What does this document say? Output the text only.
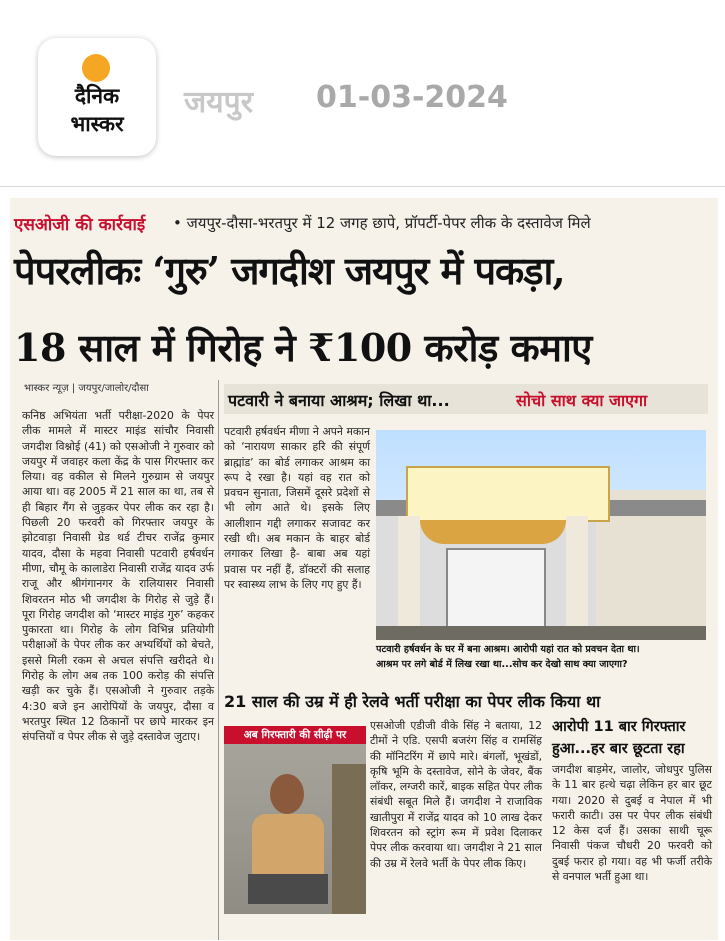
दैनिक
भास्कर
जयपुर 01-03-2024
एसओजी की कार्रवाई • जयपुर-दौसा-भरतपुर में 12 जगह छापे, प्रॉपर्टी-पेपर लीक के दस्तावेज मिले
पेपरलीकः ‘गुरु’ जगदीश जयपुर में पकड़ा,
18 साल में गिरोह ने ₹100 करोड़ कमाए
भास्कर न्यूज़ | जयपुर/जालोर/दौसा
कनिष्ठ अभियंता भर्ती परीक्षा-2020 के पेपर लीक मामले में मास्टर माइंड सांचौर निवासी जगदीश विश्नोई (41) को एसओजी ने गुरुवार को जयपुर में जवाहर कला केंद्र के पास गिरफ्तार कर लिया। वह वकील से मिलने गुरुग्राम से जयपुर आया था। वह 2005 में 21 साल का था, तब से ही बिहार गैंग से जुड़कर पेपर लीक कर रहा है। पिछली 20 फरवरी को गिरफ्तार जयपुर के झोटवाड़ा निवासी ग्रेड थर्ड टीचर राजेंद्र कुमार यादव, दौसा के महवा निवासी पटवारी हर्षवर्धन मीणा, चौमू के कालाडेरा निवासी राजेंद्र यादव उर्फ राजू और श्रीगंगानगर के रालियासर निवासी शिवरतन मोठ भी जगदीश के गिरोह से जुड़े हैं। पूरा गिरोह जगदीश को ‘मास्टर माइंड गुरु’ कहकर पुकारता था। गिरोह के लोग विभिन्न प्रतियोगी परीक्षाओं के पेपर लीक कर अभ्यर्थियों को बेचते, इससे मिली रकम से अचल संपत्ति खरीदते थे। गिरोह के लोग अब तक 100 करोड़ की संपत्ति खड़ी कर चुके हैं। एसओजी ने गुरुवार तड़के 4:30 बजे इन आरोपियों के जयपुर, दौसा व भरतपुर स्थित 12 ठिकानों पर छापे मारकर इन संपत्तियों व पेपर लीक से जुड़े दस्तावेज जुटाए।
पटवारी ने बनाया आश्रम; लिखा था...	सोचो साथ क्या जाएगा
पटवारी हर्षवर्धन मीणा ने अपने मकान को ‘नारायण साकार हरि की संपूर्ण ब्राह्मांड’ का बोर्ड लगाकर आश्रम का रूप दे रखा है। यहां वह रात को प्रवचन सुनाता, जिसमें दूसरे प्रदेशों से भी लोग आते थे। इसके लिए आलीशान गद्दी लगाकर सजावट कर रखी थी। अब मकान के बाहर बोर्ड लगाकर लिखा है- बाबा अब यहां प्रवास पर नहीं हैं, डॉक्टरों की सलाह पर स्वास्थ्य लाभ के लिए गए हुए हैं।
पटवारी हर्षवर्धन के घर में बना आश्रम। आरोपी यहां रात को प्रवचन देता था।
आश्रम पर लगे बोर्ड में लिख रखा था...सोच कर देखो साथ क्या जाएगा?
21 साल की उम्र में ही रेलवे भर्ती परीक्षा का पेपर लीक किया था
अब गिरफ्तारी की सीढ़ी पर
एसओजी एडीजी वीके सिंह ने बताया, 12 टीमों ने एडि. एसपी बजरंग सिंह व रामसिंह की मॉनिटरिंग में छापे मारे। बंगलों, भूखंडों, कृषि भूमि के दस्तावेज, सोने के जेवर, बैंक लॉकर, लग्जरी कारें, बाइक सहित पेपर लीक संबंधी सबूत मिले हैं। जगदीश ने राजाविक खातीपुरा में राजेंद्र यादव को 10 लाख देकर शिवरतन को स्ट्रांग रूम में प्रवेश दिलाकर पेपर लीक करवाया था। जगदीश ने 21 साल की उम्र में रेलवे भर्ती के पेपर लीक किए।
आरोपी 11 बार गिरफ्तार
हुआ...हर बार छूटता रहा
जगदीश बाड़मेर, जालोर, जोधपुर पुलिस के 11 बार हत्थे चढ़ा लेकिन हर बार छूट गया। 2020 से दुबई व नेपाल में भी फरारी काटी। उस पर पेपर लीक संबंधी 12 केस दर्ज हैं। उसका साथी चूरू निवासी पंकज चौधरी 20 फरवरी को दुबई फरार हो गया। वह भी फर्जी तरीके से वनपाल भर्ती हुआ था।
